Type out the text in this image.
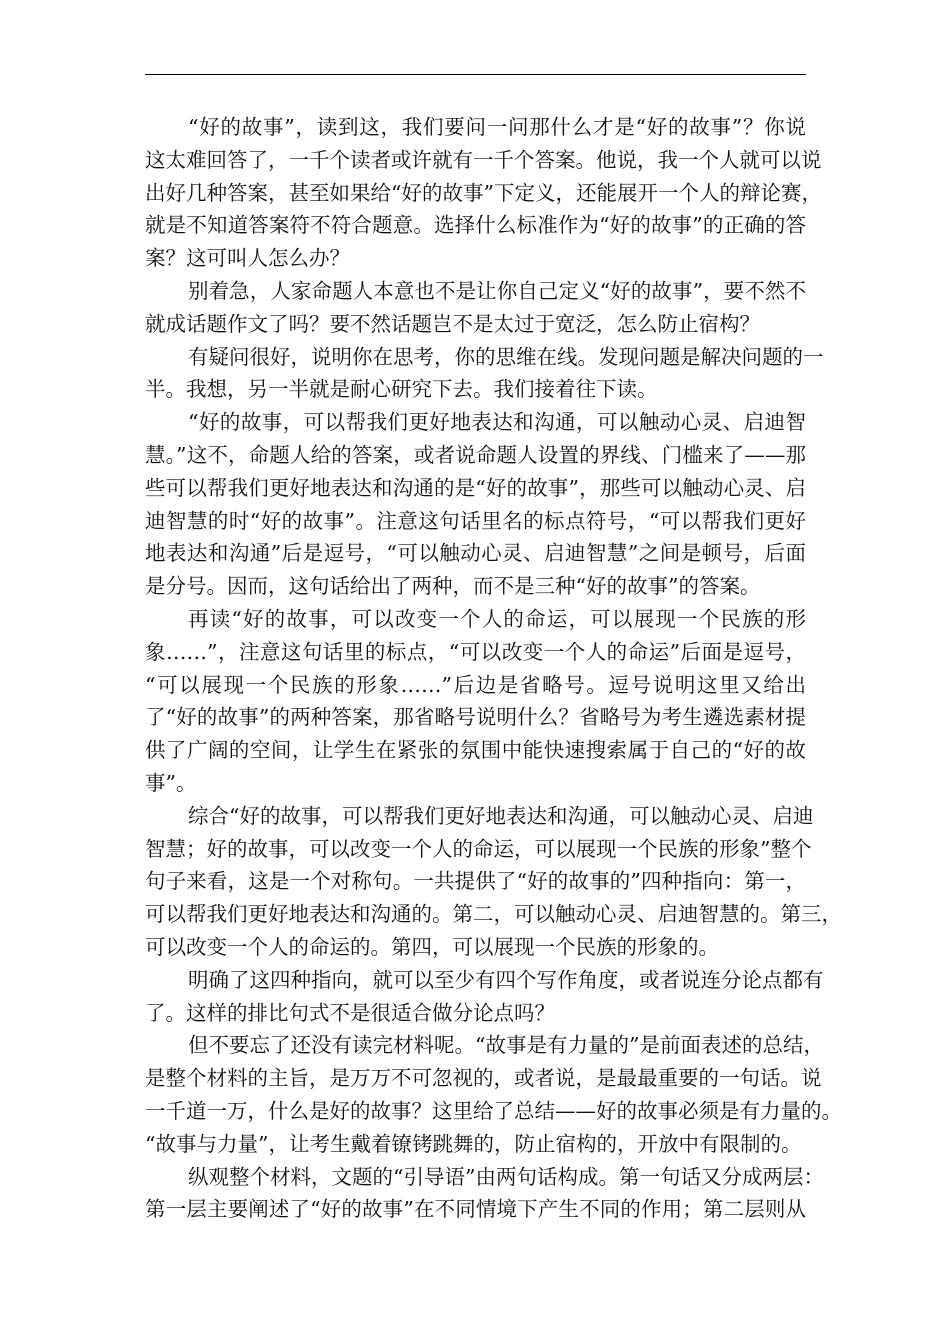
“好的故事”，读到这，我们要问一问那什么才是“好的故事”？你说
这太难回答了，一千个读者或许就有一千个答案。他说，我一个人就可以说
出好几种答案，甚至如果给“好的故事”下定义，还能展开一个人的辩论赛，
就是不知道答案符不符合题意。选择什么标准作为“好的故事”的正确的答
案？这可叫人怎么办？
别着急，人家命题人本意也不是让你自己定义“好的故事”，要不然不
就成话题作文了吗？要不然话题岂不是太过于宽泛，怎么防止宿构？
有疑问很好，说明你在思考，你的思维在线。发现问题是解决问题的一
半。我想，另一半就是耐心研究下去。我们接着往下读。
“好的故事，可以帮我们更好地表达和沟通，可以触动心灵、启迪智
慧。”这不，命题人给的答案，或者说命题人设置的界线、门槛来了——那
些可以帮我们更好地表达和沟通的是“好的故事”，那些可以触动心灵、启
迪智慧的时“好的故事”。注意这句话里名的标点符号，“可以帮我们更好
地表达和沟通”后是逗号，“可以触动心灵、启迪智慧”之间是顿号，后面
是分号。因而，这句话给出了两种，而不是三种“好的故事”的答案。
再读“好的故事，可以改变一个人的命运，可以展现一个民族的形
象……”，注意这句话里的标点，“可以改变一个人的命运”后面是逗号，
“可以展现一个民族的形象……”后边是省略号。逗号说明这里又给出
了“好的故事”的两种答案，那省略号说明什么？省略号为考生遴选素材提
供了广阔的空间，让学生在紧张的氛围中能快速搜索属于自己的“好的故
事”。
综合“好的故事，可以帮我们更好地表达和沟通，可以触动心灵、启迪
智慧；好的故事，可以改变一个人的命运，可以展现一个民族的形象”整个
句子来看，这是一个对称句。一共提供了“好的故事的”四种指向：第一，
可以帮我们更好地表达和沟通的。第二，可以触动心灵、启迪智慧的。第三，
可以改变一个人的命运的。第四，可以展现一个民族的形象的。
明确了这四种指向，就可以至少有四个写作角度，或者说连分论点都有
了。这样的排比句式不是很适合做分论点吗？
但不要忘了还没有读完材料呢。“故事是有力量的”是前面表述的总结，
是整个材料的主旨，是万万不可忽视的，或者说，是最最重要的一句话。说
一千道一万，什么是好的故事？这里给了总结——好的故事必须是有力量的。
“故事与力量”，让考生戴着镣铐跳舞的，防止宿构的，开放中有限制的。
纵观整个材料，文题的“引导语”由两句话构成。第一句话又分成两层：
第一层主要阐述了“好的故事”在不同情境下产生不同的作用；第二层则从
